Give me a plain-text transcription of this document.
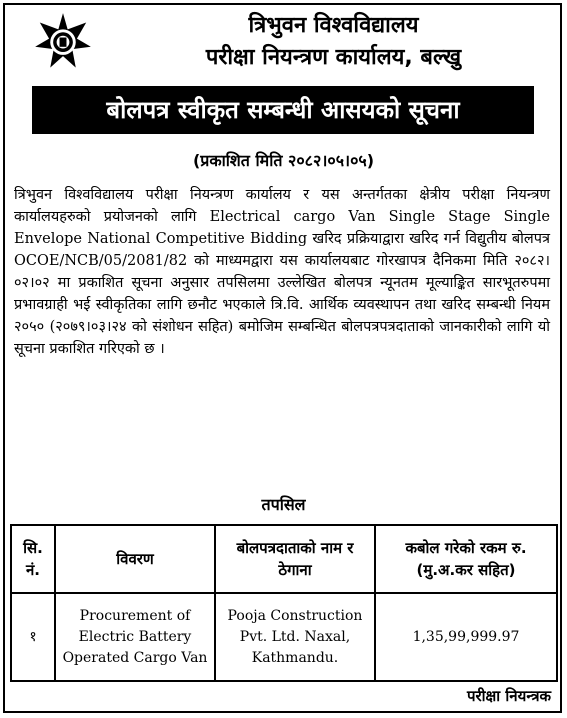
त्रिभुवन विश्वविद्यालय
परीक्षा नियन्त्रण कार्यालय, बल्खु
बोलपत्र स्वीकृत सम्बन्धी आसयको सूचना
(प्रकाशित मिति २०८२।०५।०५)

त्रिभुवन विश्वविद्यालय परीक्षा नियन्त्रण कार्यालय र यस अन्तर्गतका क्षेत्रीय परीक्षा नियन्त्रण कार्यालयहरुको प्रयोजनको लागि Electrical cargo Van Single Stage Single Envelope National Competitive Bidding खरिद प्रक्रियाद्वारा खरिद गर्न विद्युतीय बोलपत्र OCOE/NCB/05/2081/82 को माध्यमद्वारा यस कार्यालयबाट गोरखापत्र दैनिकमा मिति २०८२।०२।०२ मा प्रकाशित सूचना अनुसार तपसिलमा उल्लेखित बोलपत्र न्यूनतम मूल्याङ्कित सारभूतरुपमा प्रभावग्राही भई स्वीकृतिका लागि छनौट भएकाले त्रि.वि. आर्थिक व्यवस्थापन तथा खरिद सम्बन्धी नियम २०५० (२०७९।०३।२४ को संशोधन सहित) बमोजिम सम्बन्धित बोलपत्रपत्रदाताको जानकारीको लागि यो सूचना प्रकाशित गरिएको छ ।

तपसिल
सि. नं.	विवरण	बोलपत्रदाताको नाम र ठेगाना	कबोल गरेको रकम रु. (मु.अ.कर सहित)
१	Procurement of Electric Battery Operated Cargo Van	Pooja Construction Pvt. Ltd. Naxal, Kathmandu.	1,35,99,999.97
परीक्षा नियन्त्रक
